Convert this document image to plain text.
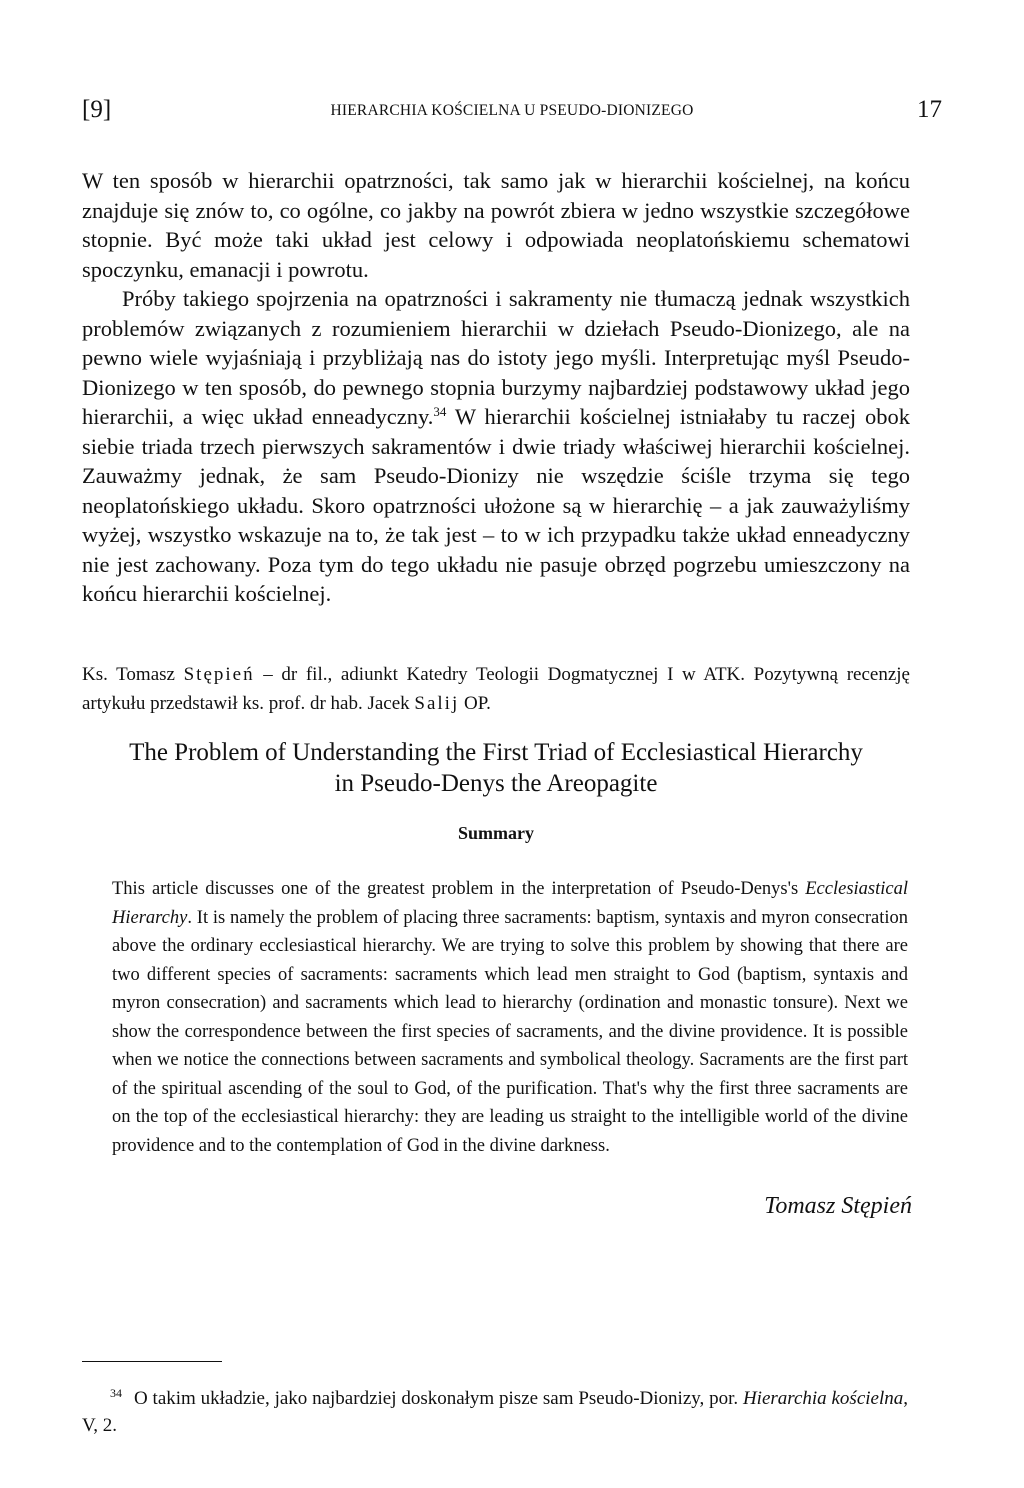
[9]	HIERARCHIA KOŚCIELNA U PSEUDO-DIONIZEGO	17

W ten sposób w hierarchii opatrzności, tak samo jak w hierarchii kościelnej, na końcu znajduje się znów to, co ogólne, co jakby na powrót zbiera w jedno wszystkie szczegółowe stopnie. Być może taki układ jest celowy i odpowiada neoplatońskiemu schematowi spoczynku, emanacji i powrotu.

Próby takiego spojrzenia na opatrzności i sakramenty nie tłumaczą jednak wszystkich problemów związanych z rozumieniem hierarchii w dziełach Pseudo-Dionizego, ale na pewno wiele wyjaśniają i przybliżają nas do istoty jego myśli. Interpretując myśl Pseudo-Dionizego w ten sposób, do pewnego stopnia burzymy najbardziej podstawowy układ jego hierarchii, a więc układ enneadyczny.$^{34}$ W hierarchii kościelnej istniałaby tu raczej obok siebie triada trzech pierwszych sakramentów i dwie triady właściwej hierarchii kościelnej. Zauważmy jednak, że sam Pseudo-Dionizy nie wszędzie ściśle trzyma się tego neoplatońskiego układu. Skoro opatrzności ułożone są w hierarchię – a jak zauważyliśmy wyżej, wszystko wskazuje na to, że tak jest – to w ich przypadku także układ enneadyczny nie jest zachowany. Poza tym do tego układu nie pasuje obrzęd pogrzebu umieszczony na końcu hierarchii kościelnej.

Ks. Tomasz Stępień – dr fil., adiunkt Katedry Teologii Dogmatycznej I w ATK. Pozytywną recenzję artykułu przedstawił ks. prof. dr hab. Jacek Salij OP.
The Problem of Understanding the First Triad of Ecclesiastical Hierarchy
in Pseudo-Denys the Areopagite
Summary

This article discusses one of the greatest problem in the interpretation of Pseudo-Denys's Ecclesiastical Hierarchy. It is namely the problem of placing three sacraments: baptism, syntaxis and myron consecration above the ordinary ecclesiastical hierarchy. We are trying to solve this problem by showing that there are two different species of sacraments: sacraments which lead men straight to God (baptism, syntaxis and myron consecration) and sacraments which lead to hierarchy (ordination and monastic tonsure). Next we show the correspondence between the first species of sacraments, and the divine providence. It is possible when we notice the connections between sacraments and symbolical theology. Sacraments are the first part of the spiritual ascending of the soul to God, of the purification. That's why the first three sacraments are on the top of the ecclesiastical hierarchy: they are leading us straight to the intelligible world of the divine providence and to the contemplation of God in the divine darkness.

Tomasz Stępień

$^{34}$ O takim układzie, jako najbardziej doskonałym pisze sam Pseudo-Dionizy, por. Hierarchia kościelna, V, 2.
